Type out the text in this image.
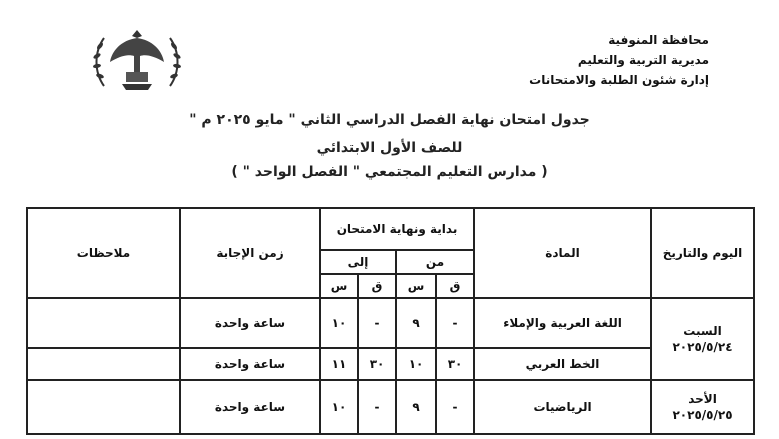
محافظة المنوفية
مديرية التربية والتعليم
إدارة شئون الطلبة والامتحانات
جدول امتحان نهاية الفصل الدراسي الثاني " مايو ٢٠٢٥ م "
للصف الأول الابتدائي
( مدارس التعليم المجتمعي " الفصل الواحد " )
اليوم والتاريخ	المادة	بداية ونهاية الامتحان				زمن الإجابة	ملاحظات
		من		إلى			
		ق	س	ق	س		

السبت
٢٠٢٥/٥/٢٤	اللغة العربية والإملاء	-	٩	-	١٠	ساعة واحدة	
	الخط العربي	٣٠	١٠	٣٠	١١	ساعة واحدة	

الأحد
٢٠٢٥/٥/٢٥	الرياضيات	-	٩	-	١٠	ساعة واحدة	
